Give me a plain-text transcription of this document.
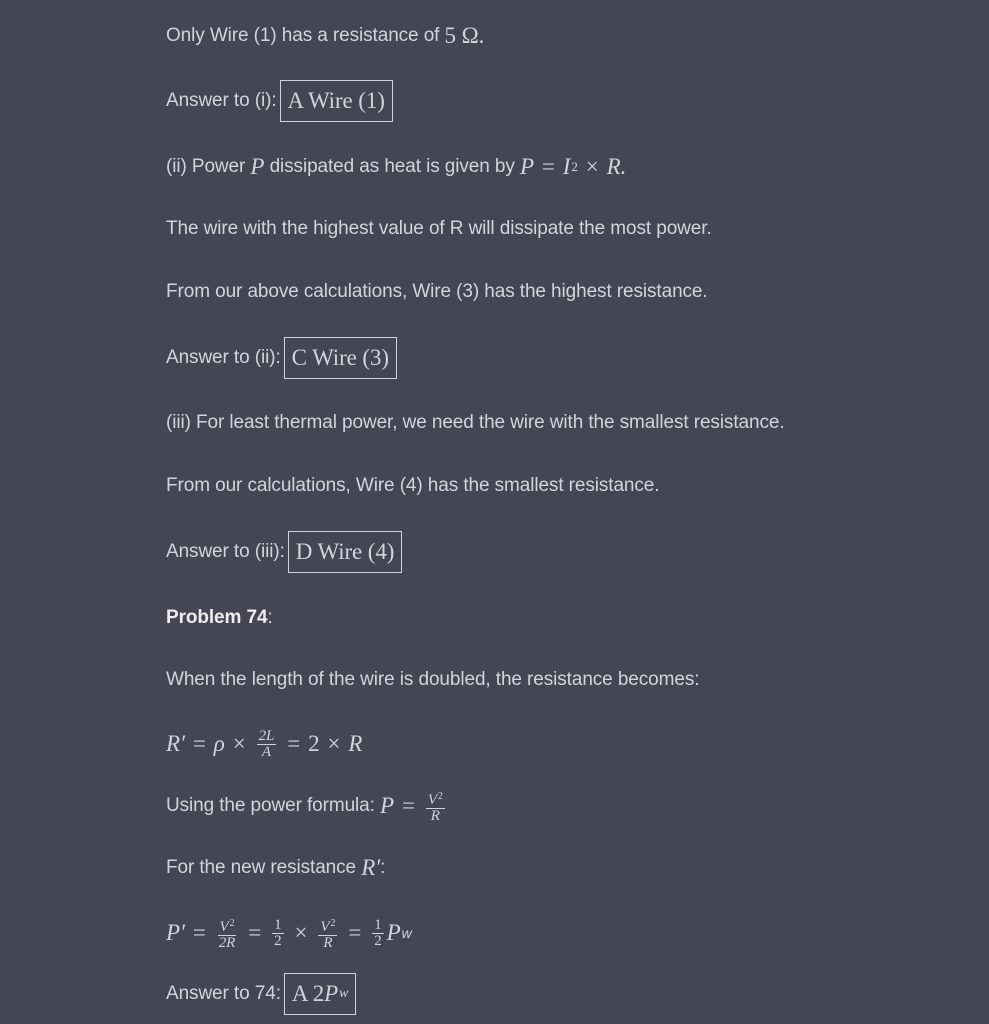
Only Wire (1) has a resistance of
5 Ω.
Answer to (i): A Wire (1)
(ii) Power
P
dissipated as heat is given by
P = I 2 × R.
The wire with the highest value of R will dissipate the most power.
From our above calculations, Wire (3) has the highest resistance.
Answer to (ii): C Wire (3)
(iii) For least thermal power, we need the wire with the smallest resistance.
From our calculations, Wire (4) has the smallest resistance.
Answer to (iii): D Wire (4)
Problem 74 :
When the length of the wire is doubled, the resistance becomes:
$R' = \rho \times \frac{2L}{A} = 2 \times R$
Using the power formula:
$P = \frac{V^2}{R}$
For the new resistance
R′ :
$P' = \frac{V^2}{2R} = \frac{1}{2} \times \frac{V^2}{R} = \frac{1}{2}$ P w
Answer to 74: A 2 P w
